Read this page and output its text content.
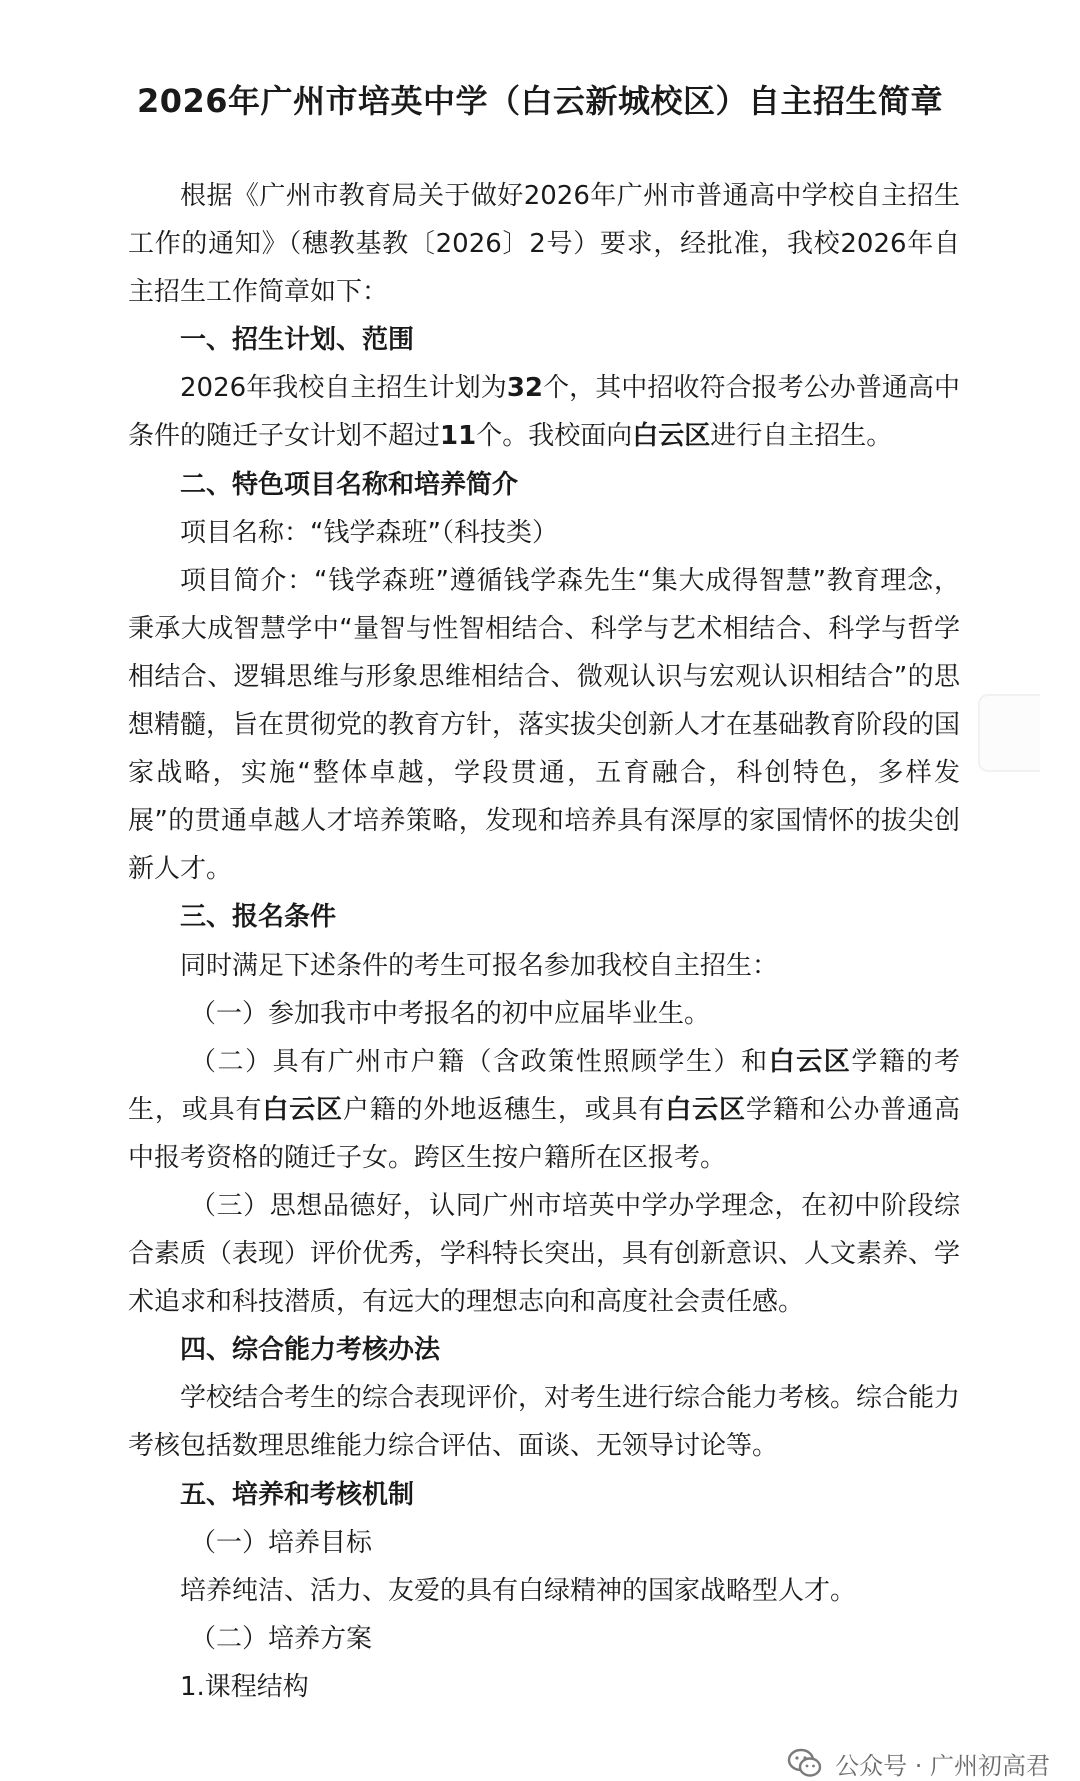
2026年广州市培英中学（白云新城校区）自主招生简章

根据《广州市教育局关于做好2026年广州市普通高中学校自主招生工作的通知》（穗教基教〔2026〕2号）要求，经批准，我校2026年自主招生工作简章如下：

一、招生计划、范围

2026年我校自主招生计划为32个，其中招收符合报考公办普通高中条件的随迁子女计划不超过11个。我校面向白云区进行自主招生。

二、特色项目名称和培养简介

项目名称：“钱学森班”（科技类）

项目简介：“钱学森班”遵循钱学森先生“集大成得智慧”教育理念，秉承大成智慧学中“量智与性智相结合、科学与艺术相结合、科学与哲学相结合、逻辑思维与形象思维相结合、微观认识与宏观认识相结合”的思想精髓，旨在贯彻党的教育方针，落实拔尖创新人才在基础教育阶段的国家战略，实施“整体卓越，学段贯通，五育融合，科创特色，多样发展”的贯通卓越人才培养策略，发现和培养具有深厚的家国情怀的拔尖创新人才。

三、报名条件

同时满足下述条件的考生可报名参加我校自主招生：

（一）参加我市中考报名的初中应届毕业生。

（二）具有广州市户籍（含政策性照顾学生）和白云区学籍的考生，或具有白云区户籍的外地返穗生，或具有白云区学籍和公办普通高中报考资格的随迁子女。跨区生按户籍所在区报考。

（三）思想品德好，认同广州市培英中学办学理念，在初中阶段综合素质（表现）评价优秀，学科特长突出，具有创新意识、人文素养、学术追求和科技潜质，有远大的理想志向和高度社会责任感。

四、综合能力考核办法

学校结合考生的综合表现评价，对考生进行综合能力考核。综合能力考核包括数理思维能力综合评估、面谈、无领导讨论等。

五、培养和考核机制

（一）培养目标

培养纯洁、活力、友爱的具有白绿精神的国家战略型人才。

（二）培养方案

1.课程结构

公众号 · 广州初高君
